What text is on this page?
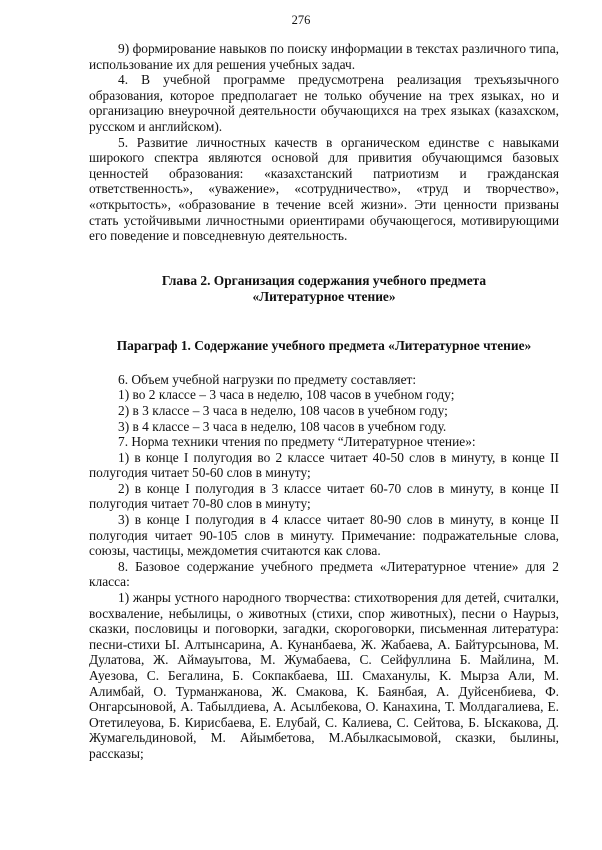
276

9) формирование навыков по поиску информации в текстах различного типа, использование их для решения учебных задач.

4. В учебной программе предусмотрена реализация трехъязычного образования, которое предполагает не только обучение на трех языках, но и организацию внеурочной деятельности обучающихся на трех языках (казахском, русском и английском).

5. Развитие личностных качеств в органическом единстве с навыками широкого спектра являются основой для привития обучающимся базовых ценностей образования: «казахстанский патриотизм и гражданская ответственность», «уважение», «сотрудничество», «труд и творчество», «открытость», «образование в течение всей жизни». Эти ценности призваны стать устойчивыми личностными ориентирами обучающегося, мотивирующими его поведение и повседневную деятельность.

Глава 2. Организация содержания учебного предмета
«Литературное чтение»
Параграф 1. Содержание учебного предмета «Литературное чтение»

6. Объем учебной нагрузки по предмету составляет:

1) во 2 классе – 3 часа в неделю, 108 часов в учебном году;

2) в 3 классе – 3 часа в неделю, 108 часов в учебном году;

3) в 4 классе – 3 часа в неделю, 108 часов в учебном году.

7. Норма техники чтения по предмету “Литературное чтение»:

1) в конце I полугодия во 2 классе читает 40-50 слов в минуту, в конце II полугодия читает 50-60 слов в минуту;

2) в конце I полугодия в 3 классе читает 60-70 слов в минуту, в конце II полугодия читает 70-80 слов в минуту;

3) в конце I полугодия в 4 классе читает 80-90 слов в минуту, в конце II полугодия читает 90-105 слов в минуту. Примечание: подражательные слова, союзы, частицы, междометия считаются как слова.

8. Базовое содержание учебного предмета «Литературное чтение» для 2 класса:

1) жанры устного народного творчества: стихотворения для детей, считалки, восхваление, небылицы, о животных (стихи, спор животных), песни о Наурыз, сказки, пословицы и поговорки, загадки, скороговорки, письменная литература: песни-стихи Ы. Алтынсарина, А. Кунанбаева, Ж. Жабаева, А. Байтурсынова, М. Дулатова, Ж. Аймауытова, М. Жумабаева, С. Сейфуллина Б. Майлина, М. Ауезова, С. Бегалина, Б. Сокпакбаева, Ш. Смаханулы, К. Мырза Али, М. Алимбай, О. Турманжанова, Ж. Смакова, К. Баянбая, А. Дуйсенбиева, Ф. Онгарсыновой, А. Табылдиева, А. Асылбекова, О. Канахина, Т. Молдагалиева, Е. Отетилеуова, Б. Кирисбаева, Е. Елубай, С. Калиева, С. Сейтова, Б. Ыскакова, Д. Жумагельдиновой, М. Айымбетова, М.Абылкасымовой, сказки, былины, рассказы;
